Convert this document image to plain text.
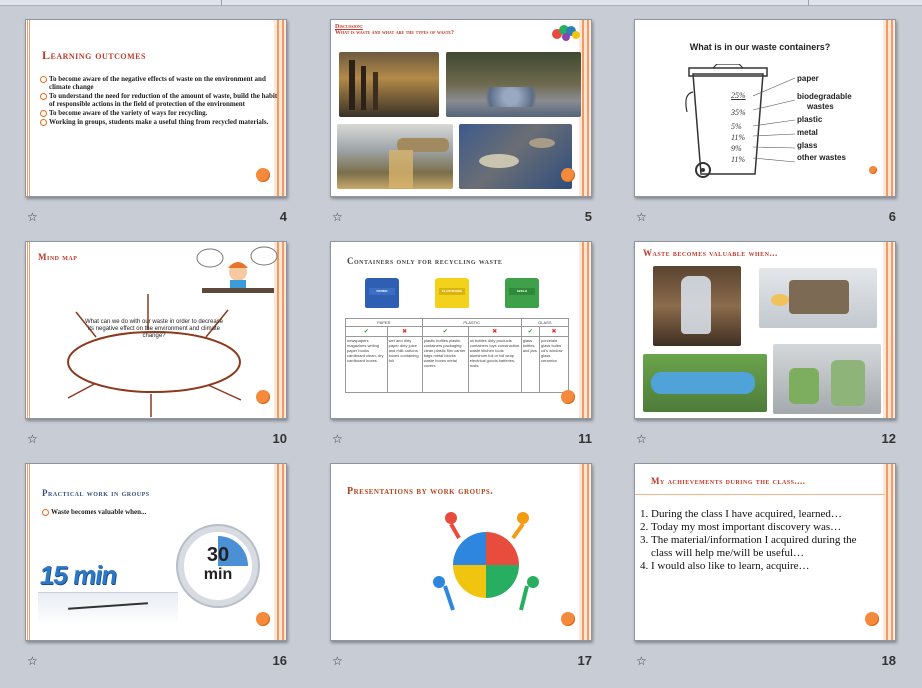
Learning outcomes
To become aware of the negative effects of waste on the environment and climate change
To understand the need for reduction of the amount of waste, build the habit of responsible actions in the field of protection of the environment
To become aware of the variety of ways for recycling.
Working in groups, students make a useful thing from recycled materials.
☆	4
Discussion:
What is waste and what are the types of waste?
☆	5
What is in our waste containers?
25%
35%
5%
11%
9%
11%
paper
biodegradable
wastes
plastic
metal
glass
other wastes
☆	6
Mind map
What can we do with our waste in order to decrease its negative effect on the environment and climate change?
☆	10
Containers only for recycling waste
PAPIER	PLASTIKOWE	SZKLO
PAPER		PLASTIC		GLASS	
✔	✖	✔	✖	✔	✖
newspapers magazines writing paper books cardboard clean, dry cardboard boxes	wet and dirty paper dirty juice and milk cartons boxes containing foil	plastic bottles plastic containers packaging clean plastic film carrier bags metal blocks waste boxes metal covers	oil bottles dirty products containers toys construction waste kitchen tools aluminum foil or foil wrap electrical goods batteries, rusts	glass bottles and jars	porcelain glass bulbs cd's window glass ceramics
☆	11
Waste becomes valuable when...
☆	12
Practical work in groups
Waste becomes valuable when...
30
min
15 min
☆	16
Presentations by work groups.
☆	17
My achievements during the class....
1. During the class I have acquired, learned…
2. Today my most important discovery was…
3. The material/information I acquired during the class will help me/will be useful…
4. I would also like to learn, acquire…
☆	18
